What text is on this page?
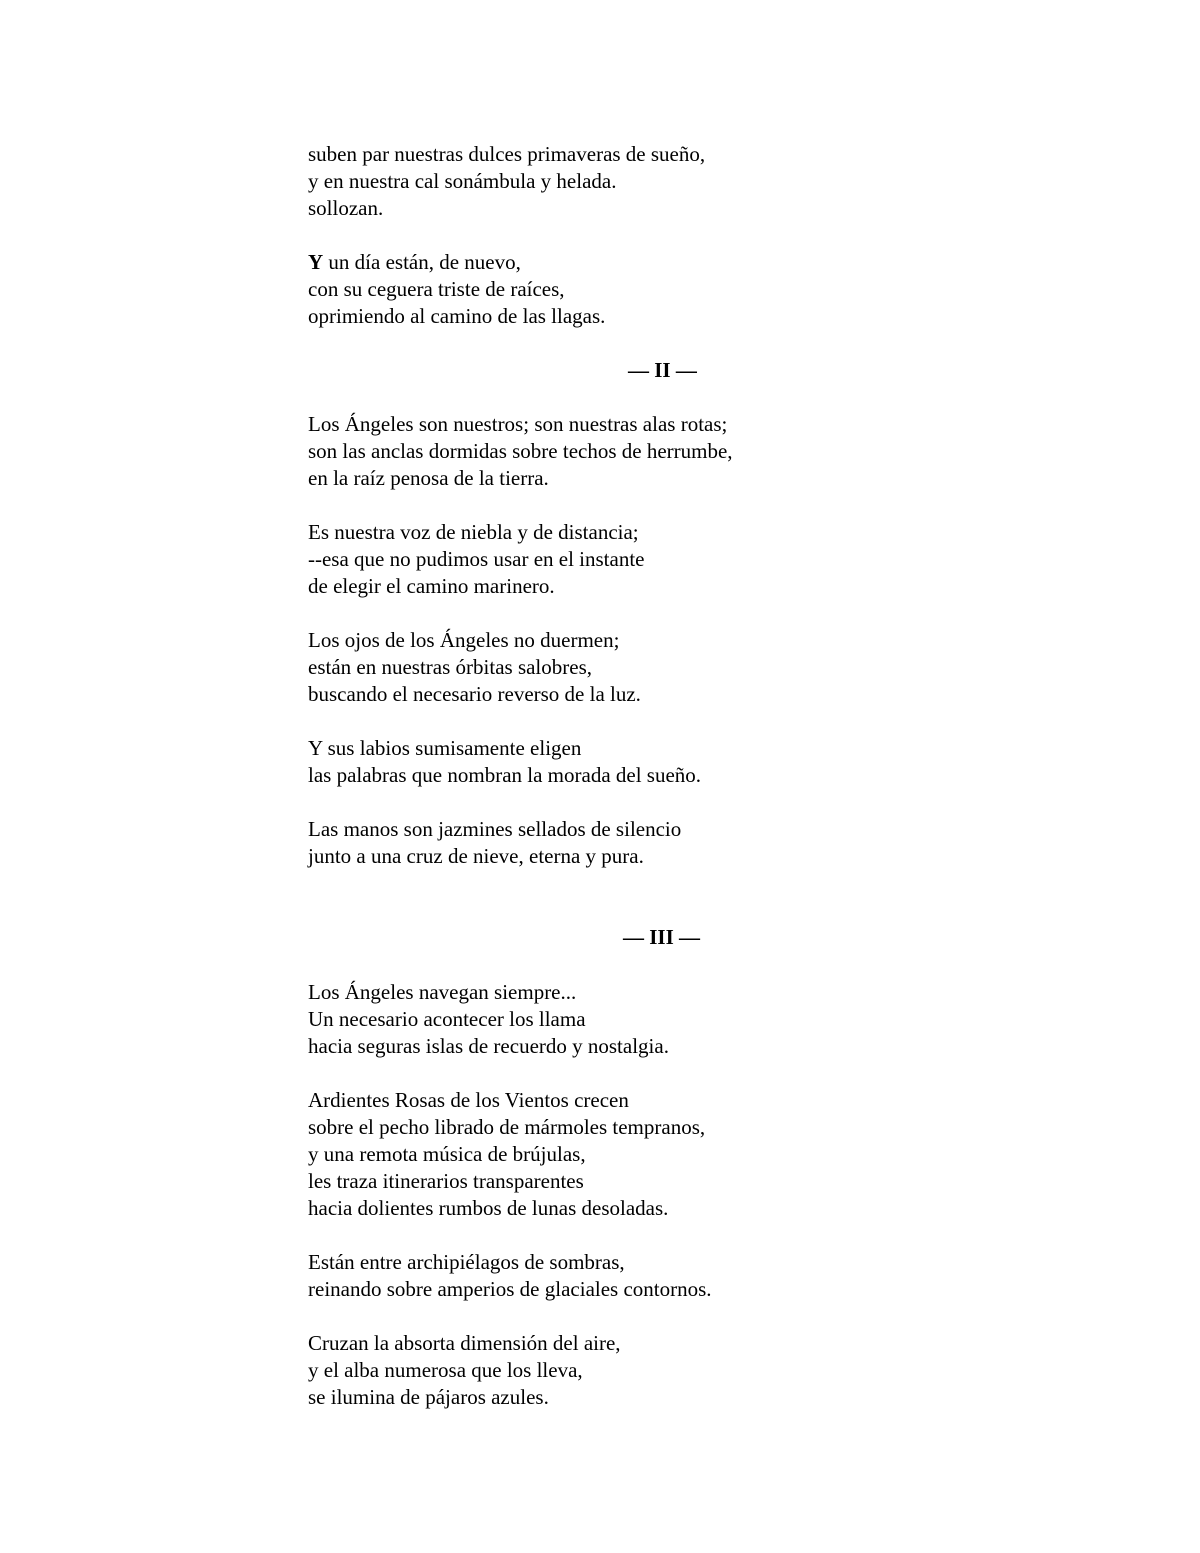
suben par nuestras dulces primaveras de sueño,
y en nuestra cal sonámbula y helada.
sollozan.
Y un día están, de nuevo,
con su ceguera triste de raíces,
oprimiendo al camino de las llagas.
— II —
Los Ángeles son nuestros; son nuestras alas rotas;
son las anclas dormidas sobre techos de herrumbe,
en la raíz penosa de la tierra.
Es nuestra voz de niebla y de distancia;
--esa que no pudimos usar en el instante
de elegir el camino marinero.
Los ojos de los Ángeles no duermen;
están en nuestras órbitas salobres,
buscando el necesario reverso de la luz.
Y sus labios sumisamente eligen
las palabras que nombran la morada del sueño.
Las manos son jazmines sellados de silencio
junto a una cruz de nieve, eterna y pura.
— III —
Los Ángeles navegan siempre...
Un necesario acontecer los llama
hacia seguras islas de recuerdo y nostalgia.
Ardientes Rosas de los Vientos crecen
sobre el pecho librado de mármoles tempranos,
y una remota música de brújulas,
les traza itinerarios transparentes
hacia dolientes rumbos de lunas desoladas.
Están entre archipiélagos de sombras,
reinando sobre amperios de glaciales contornos.
Cruzan la absorta dimensión del aire,
y el alba numerosa que los lleva,
se ilumina de pájaros azules.
